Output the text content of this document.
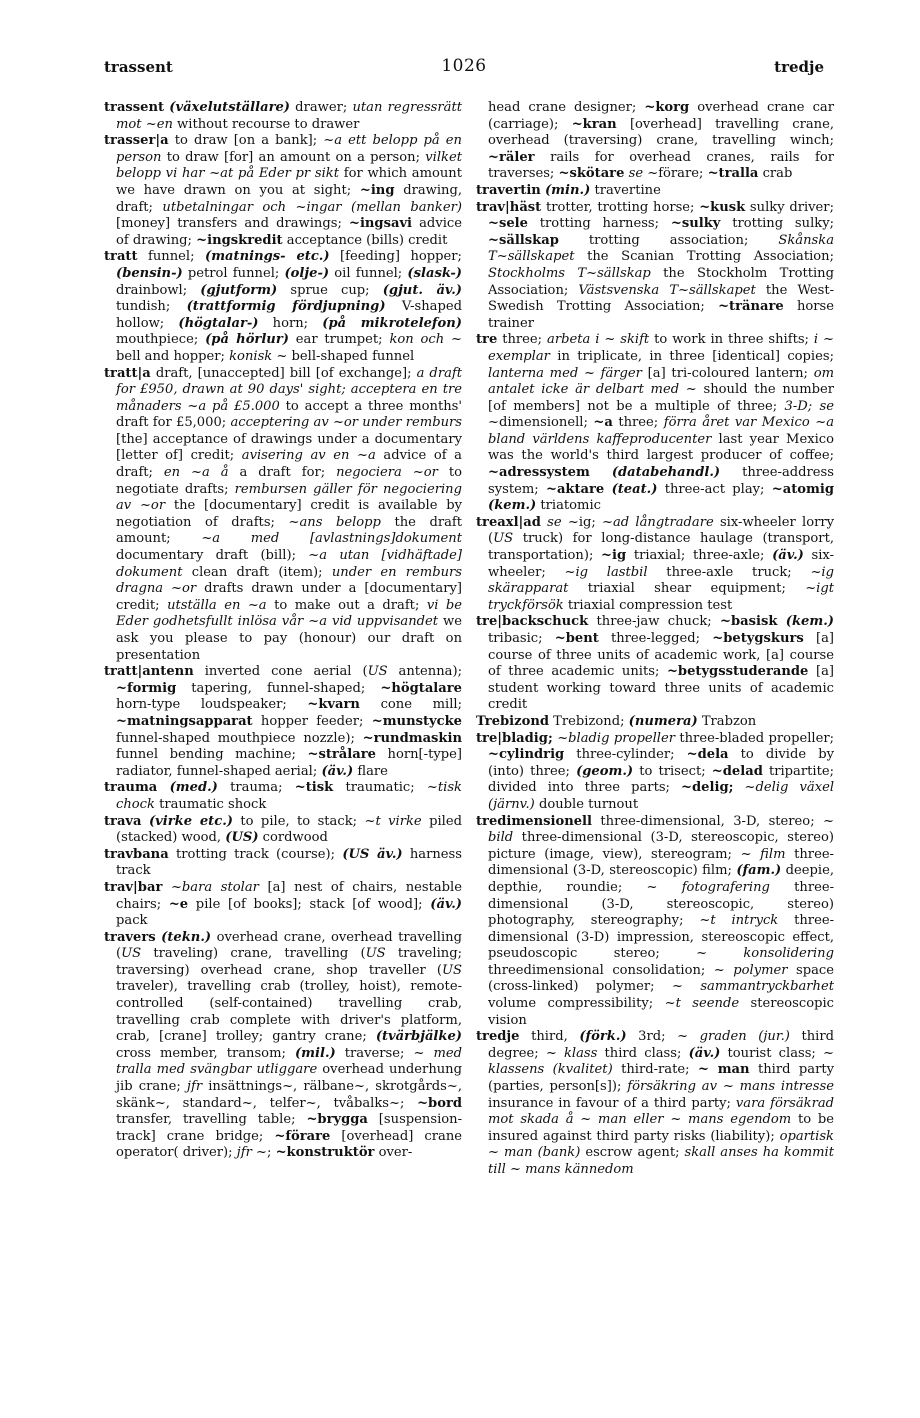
trassent	1026	tredje

trassent (växelutställare) drawer; utan regressrätt mot ~en without recourse to drawer

trasser|a to draw [on a bank]; ~a ett belopp på en person to draw [for] an amount on a person; vilket belopp vi har ~at på Eder pr sikt for which amount we have drawn on you at sight; ~ing drawing, draft; utbetalningar och ~ingar (mellan banker) [money] transfers and drawings; ~ingsavi advice of drawing; ~ingskredit acceptance (bills) credit

tratt funnel; (matnings- etc.) [feeding] hopper; (bensin-) petrol funnel; (olje-) oil funnel; (slask-) drainbowl; (gjutform) sprue cup; (gjut. äv.) tundish; (trattformig fördjupning) V-shaped hollow; (högtalar-) horn; (på mikrotelefon) mouthpiece; (på hörlur) ear trumpet; kon och ~ bell and hopper; konisk ~ bell-shaped funnel

tratt|a draft, [unaccepted] bill [of exchange]; a draft for £950, drawn at 90 days' sight; acceptera en tre månaders ~a på £5.000 to accept a three months' draft for £5,000; acceptering av ~or under remburs [the] acceptance of drawings under a documentary [letter of] credit; avisering av en ~a advice of a draft; en ~a å a draft for; negociera ~or to negotiate drafts; rembursen gäller för negociering av ~or the [documentary] credit is available by negotiation of drafts; ~ans belopp the draft amount; ~a med [avlastnings]dokument documentary draft (bill); ~a utan [vidhäftade] dokument clean draft (item); under en remburs dragna ~or drafts drawn under a [documentary] credit; utställa en ~a to make out a draft; vi be Eder godhetsfullt inlösa vår ~a vid uppvisandet we ask you please to pay (honour) our draft on presentation

tratt|antenn inverted cone aerial (US antenna); ~formig tapering, funnel-shaped; ~högtalare horn-type loudspeaker; ~kvarn cone mill; ~matningsapparat hopper feeder; ~munstycke funnel-shaped mouthpiece nozzle); ~rundmaskin funnel bending machine; ~strålare horn[-type] radiator, funnel-shaped aerial; (äv.) flare

trauma (med.) trauma; ~tisk traumatic; ~tisk chock traumatic shock

trava (virke etc.) to pile, to stack; ~t virke piled (stacked) wood, (US) cordwood

travbana trotting track (course); (US äv.) harness track

trav|bar ~bara stolar [a] nest of chairs, nestable chairs; ~e pile [of books]; stack [of wood]; (äv.) pack

travers (tekn.) overhead crane, overhead travelling (US traveling) crane, travelling (US traveling; traversing) overhead crane, shop traveller (US traveler), travelling crab (trolley, hoist), remote-controlled (self-contained) travelling crab, travelling crab complete with driver's platform, crab, [crane] trolley; gantry crane; (tvärbjälke) cross member, transom; (mil.) traverse; ~ med tralla med svängbar utliggare overhead underhung jib crane; jfr insättnings~, rälbane~, skrotgårds~, skänk~, standard~, telfer~, tvåbalks~; ~bord transfer, travelling table; ~brygga [suspension-track] crane bridge; ~förare [overhead] crane operator( driver); jfr ~; ~konstruktör over-

head crane designer; ~korg overhead crane car (carriage); ~kran [overhead] travelling crane, overhead (traversing) crane, travelling winch; ~räler rails for overhead cranes, rails for traverses; ~skötare se ~förare; ~tralla crab

travertin (min.) travertine

trav|häst trotter, trotting horse; ~kusk sulky driver; ~sele trotting harness; ~sulky trotting sulky; ~sällskap trotting association; Skånska T~sällskapet the Scanian Trotting Association; Stockholms T~sällskap the Stockholm Trotting Association; Västsvenska T~sällskapet the West-Swedish Trotting Association; ~tränare horse trainer

tre three; arbeta i ~ skift to work in three shifts; i ~ exemplar in triplicate, in three [identical] copies; lanterna med ~ färger [a] tri-coloured lantern; om antalet icke är delbart med ~ should the number [of members] not be a multiple of three; 3-D; se ~dimensionell; ~a three; förra året var Mexico ~a bland världens kaffeproducenter last year Mexico was the world's third largest producer of coffee; ~adressystem (databehandl.) three-address system; ~aktare (teat.) three-act play; ~atomig (kem.) triatomic

treaxl|ad se ~ig; ~ad långtradare six-wheeler lorry (US truck) for long-distance haulage (transport, transportation); ~ig triaxial; three-axle; (äv.) six-wheeler; ~ig lastbil three-axle truck; ~ig skärapparat triaxial shear equipment; ~igt tryckförsök triaxial compression test

tre|backschuck three-jaw chuck; ~basisk (kem.) tribasic; ~bent three-legged; ~betygskurs [a] course of three units of academic work, [a] course of three academic units; ~betygsstuderande [a] student working toward three units of academic credit

Trebizond Trebizond; (numera) Trabzon

tre|bladig; ~bladig propeller three-bladed propeller; ~cylindrig three-cylinder; ~dela to divide by (into) three; (geom.) to trisect; ~delad tripartite; divided into three parts; ~delig; ~delig växel (järnv.) double turnout

tredimensionell three-dimensional, 3-D, stereo; ~ bild three-dimensional (3-D, stereoscopic, stereo) picture (image, view), stereogram; ~ film three-dimensional (3-D, stereoscopic) film; (fam.) deepie, depthie, roundie; ~ fotografering three-dimensional (3-D, stereoscopic, stereo) photography, stereography; ~t intryck three-dimensional (3-D) impression, stereoscopic effect, pseudoscopic stereo; ~ konsolidering threedimensional consolidation; ~ polymer space (cross-linked) polymer; ~ sammantryckbarhet volume compressibility; ~t seende stereoscopic vision

tredje third, (förk.) 3rd; ~ graden (jur.) third degree; ~ klass third class; (äv.) tourist class; ~ klassens (kvalitet) third-rate; ~ man third party (parties, person[s]); försäkring av ~ mans intresse insurance in favour of a third party; vara försäkrad mot skada å ~ man eller ~ mans egendom to be insured against third party risks (liability); opartisk ~ man (bank) escrow agent; skall anses ha kommit till ~ mans kännedom
